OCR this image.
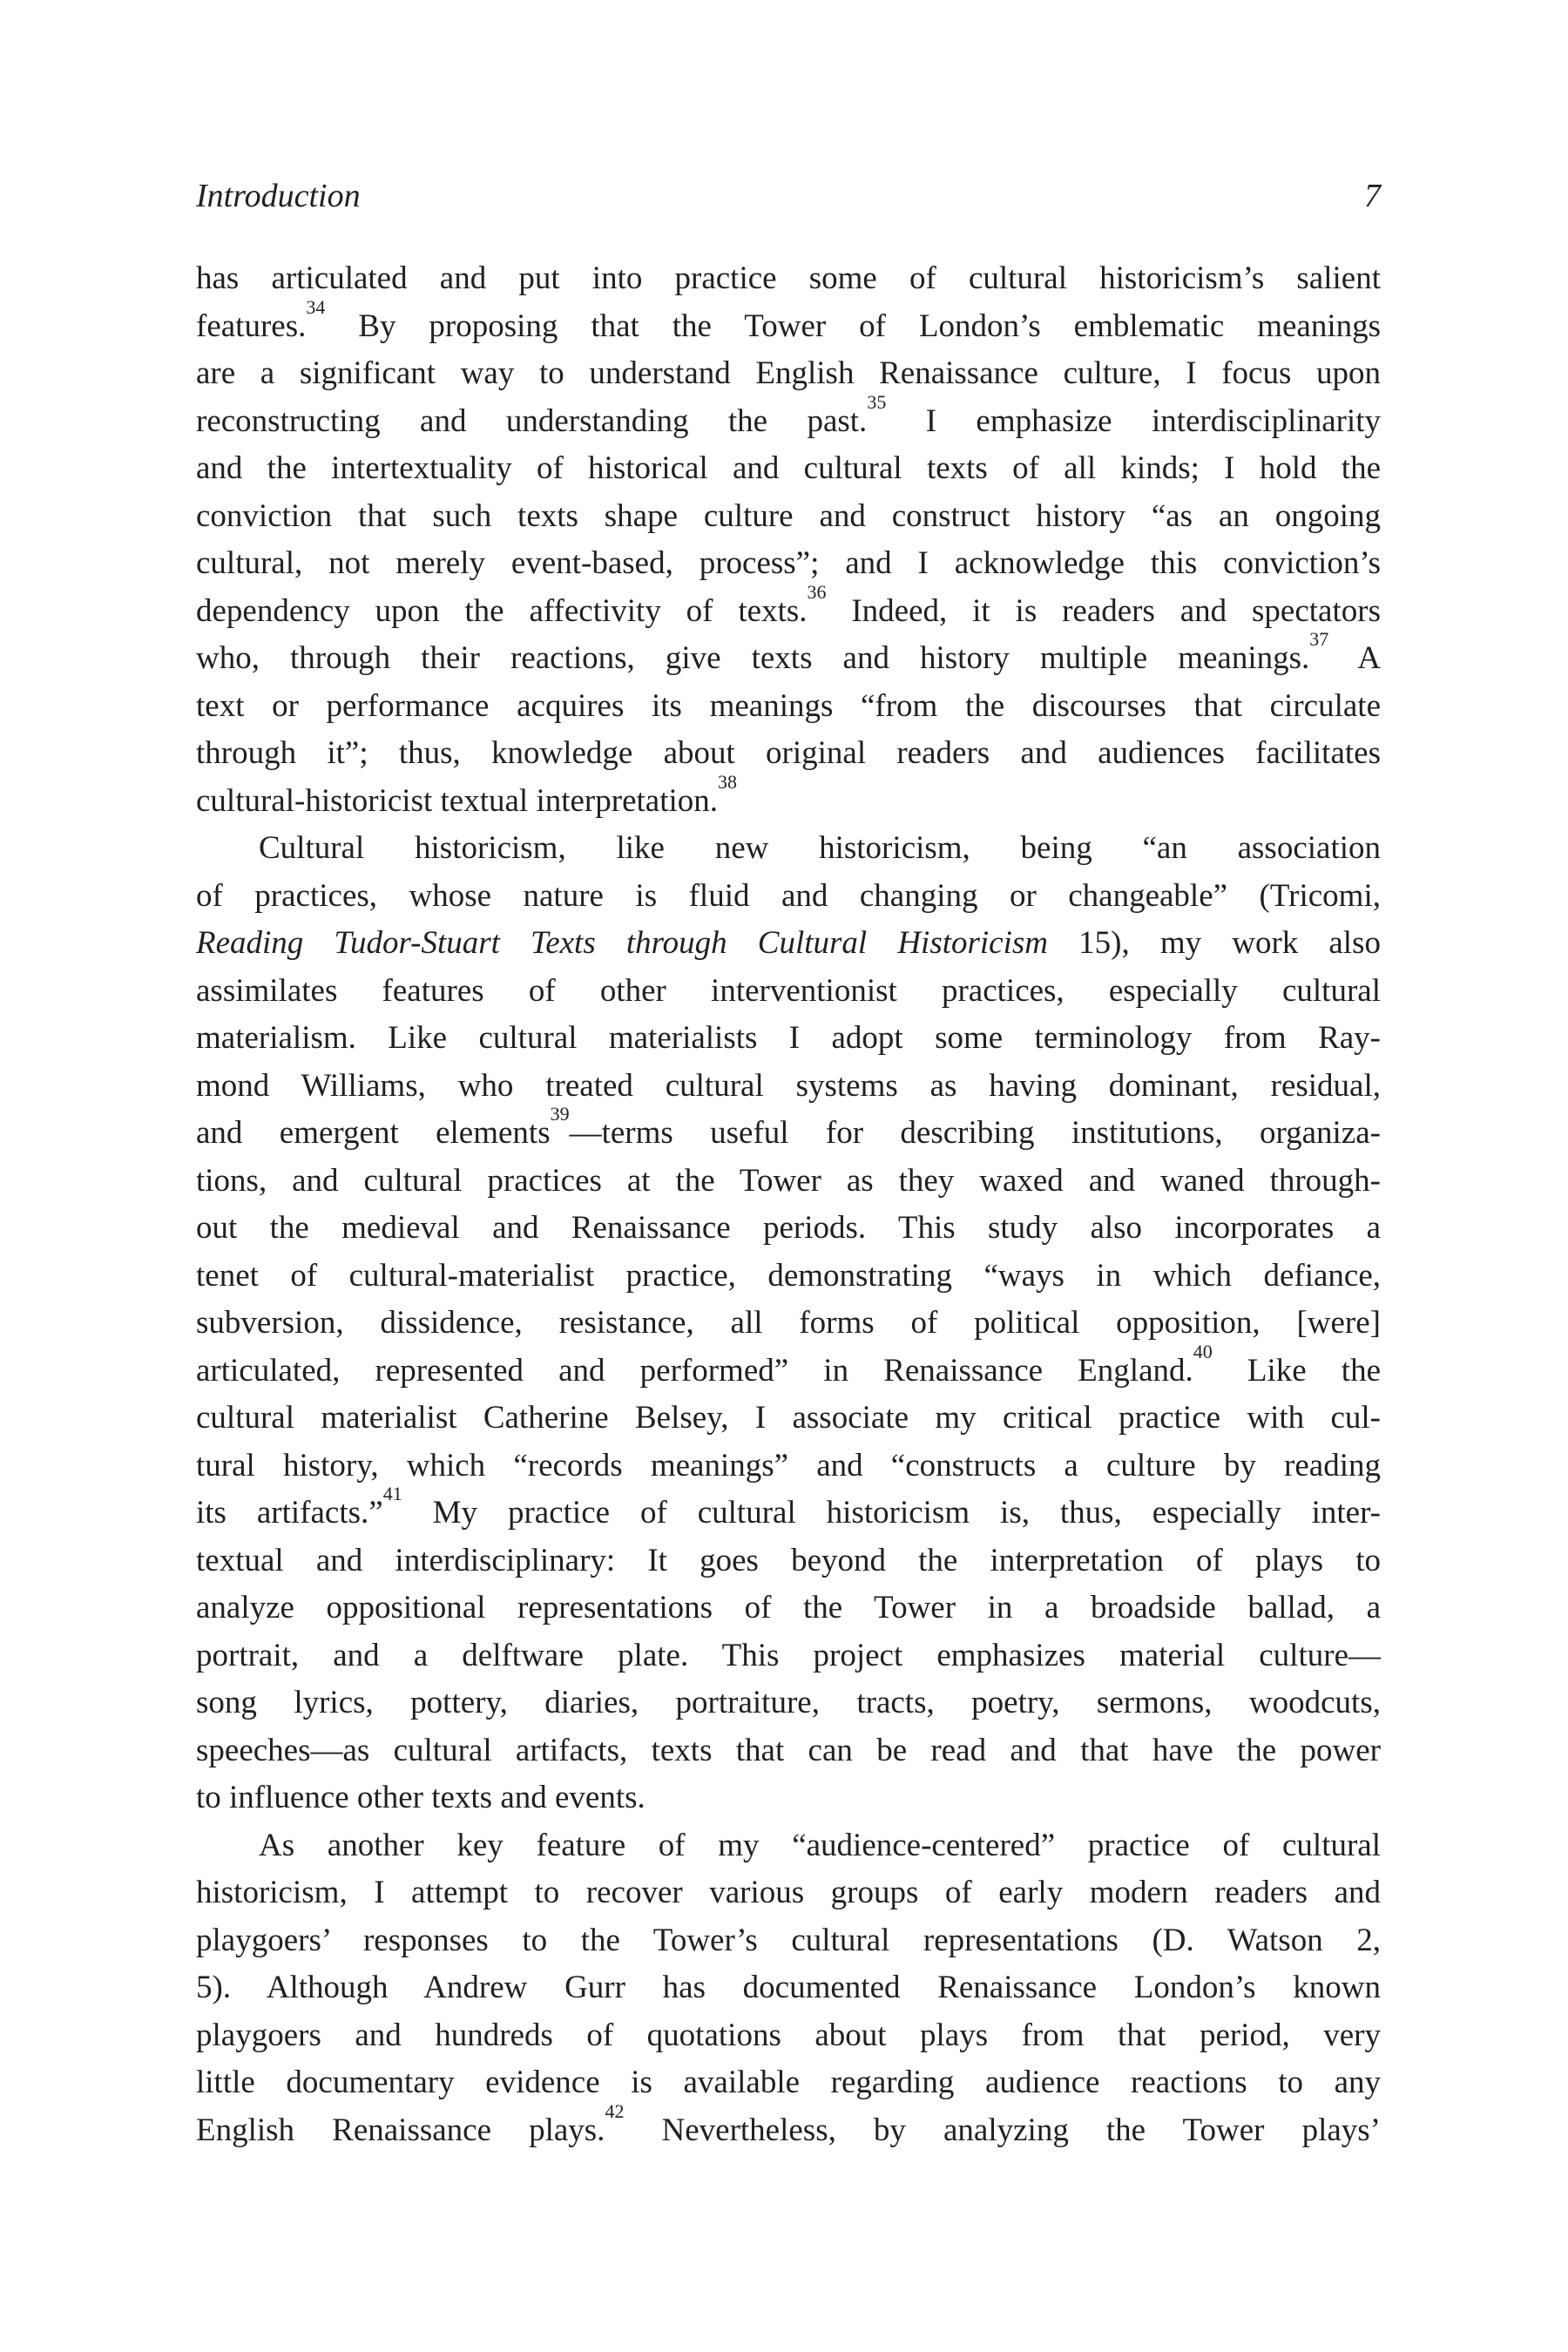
Introduction	7
has articulated and put into practice some of cultural historicism’s salient
features.$^{34}$ By proposing that the Tower of London’s emblematic meanings
are a significant way to understand English Renaissance culture, I focus upon
reconstructing and understanding the past.$^{35}$ I emphasize interdisciplinarity
and the intertextuality of historical and cultural texts of all kinds; I hold the
conviction that such texts shape culture and construct history “as an ongoing
cultural, not merely event-based, process”; and I acknowledge this conviction’s
dependency upon the affectivity of texts.$^{36}$ Indeed, it is readers and spectators
who, through their reactions, give texts and history multiple meanings.$^{37}$ A
text or performance acquires its meanings “from the discourses that circulate
through it”; thus, knowledge about original readers and audiences facilitates
cultural-historicist textual interpretation.$^{38}$
Cultural historicism, like new historicism, being “an association
of practices, whose nature is fluid and changing or changeable” (Tricomi,
Reading Tudor-Stuart Texts through Cultural Historicism 15), my work also
assimilates features of other interventionist practices, especially cultural
materialism. Like cultural materialists I adopt some terminology from Ray-
mond Williams, who treated cultural systems as having dominant, residual,
and emergent elements$^{39}$—terms useful for describing institutions, organiza-
tions, and cultural practices at the Tower as they waxed and waned through-
out the medieval and Renaissance periods. This study also incorporates a
tenet of cultural-materialist practice, demonstrating “ways in which defiance,
subversion, dissidence, resistance, all forms of political opposition, [were]
articulated, represented and performed” in Renaissance England.$^{40}$ Like the
cultural materialist Catherine Belsey, I associate my critical practice with cul-
tural history, which “records meanings” and “constructs a culture by reading
its artifacts.”$^{41}$ My practice of cultural historicism is, thus, especially inter-
textual and interdisciplinary: It goes beyond the interpretation of plays to
analyze oppositional representations of the Tower in a broadside ballad, a
portrait, and a delftware plate. This project emphasizes material culture—
song lyrics, pottery, diaries, portraiture, tracts, poetry, sermons, woodcuts,
speeches—as cultural artifacts, texts that can be read and that have the power
to influence other texts and events.
As another key feature of my “audience-centered” practice of cultural
historicism, I attempt to recover various groups of early modern readers and
playgoers’ responses to the Tower’s cultural representations (D. Watson 2,
5). Although Andrew Gurr has documented Renaissance London’s known
playgoers and hundreds of quotations about plays from that period, very
little documentary evidence is available regarding audience reactions to any
English Renaissance plays.$^{42}$ Nevertheless, by analyzing the Tower plays’
